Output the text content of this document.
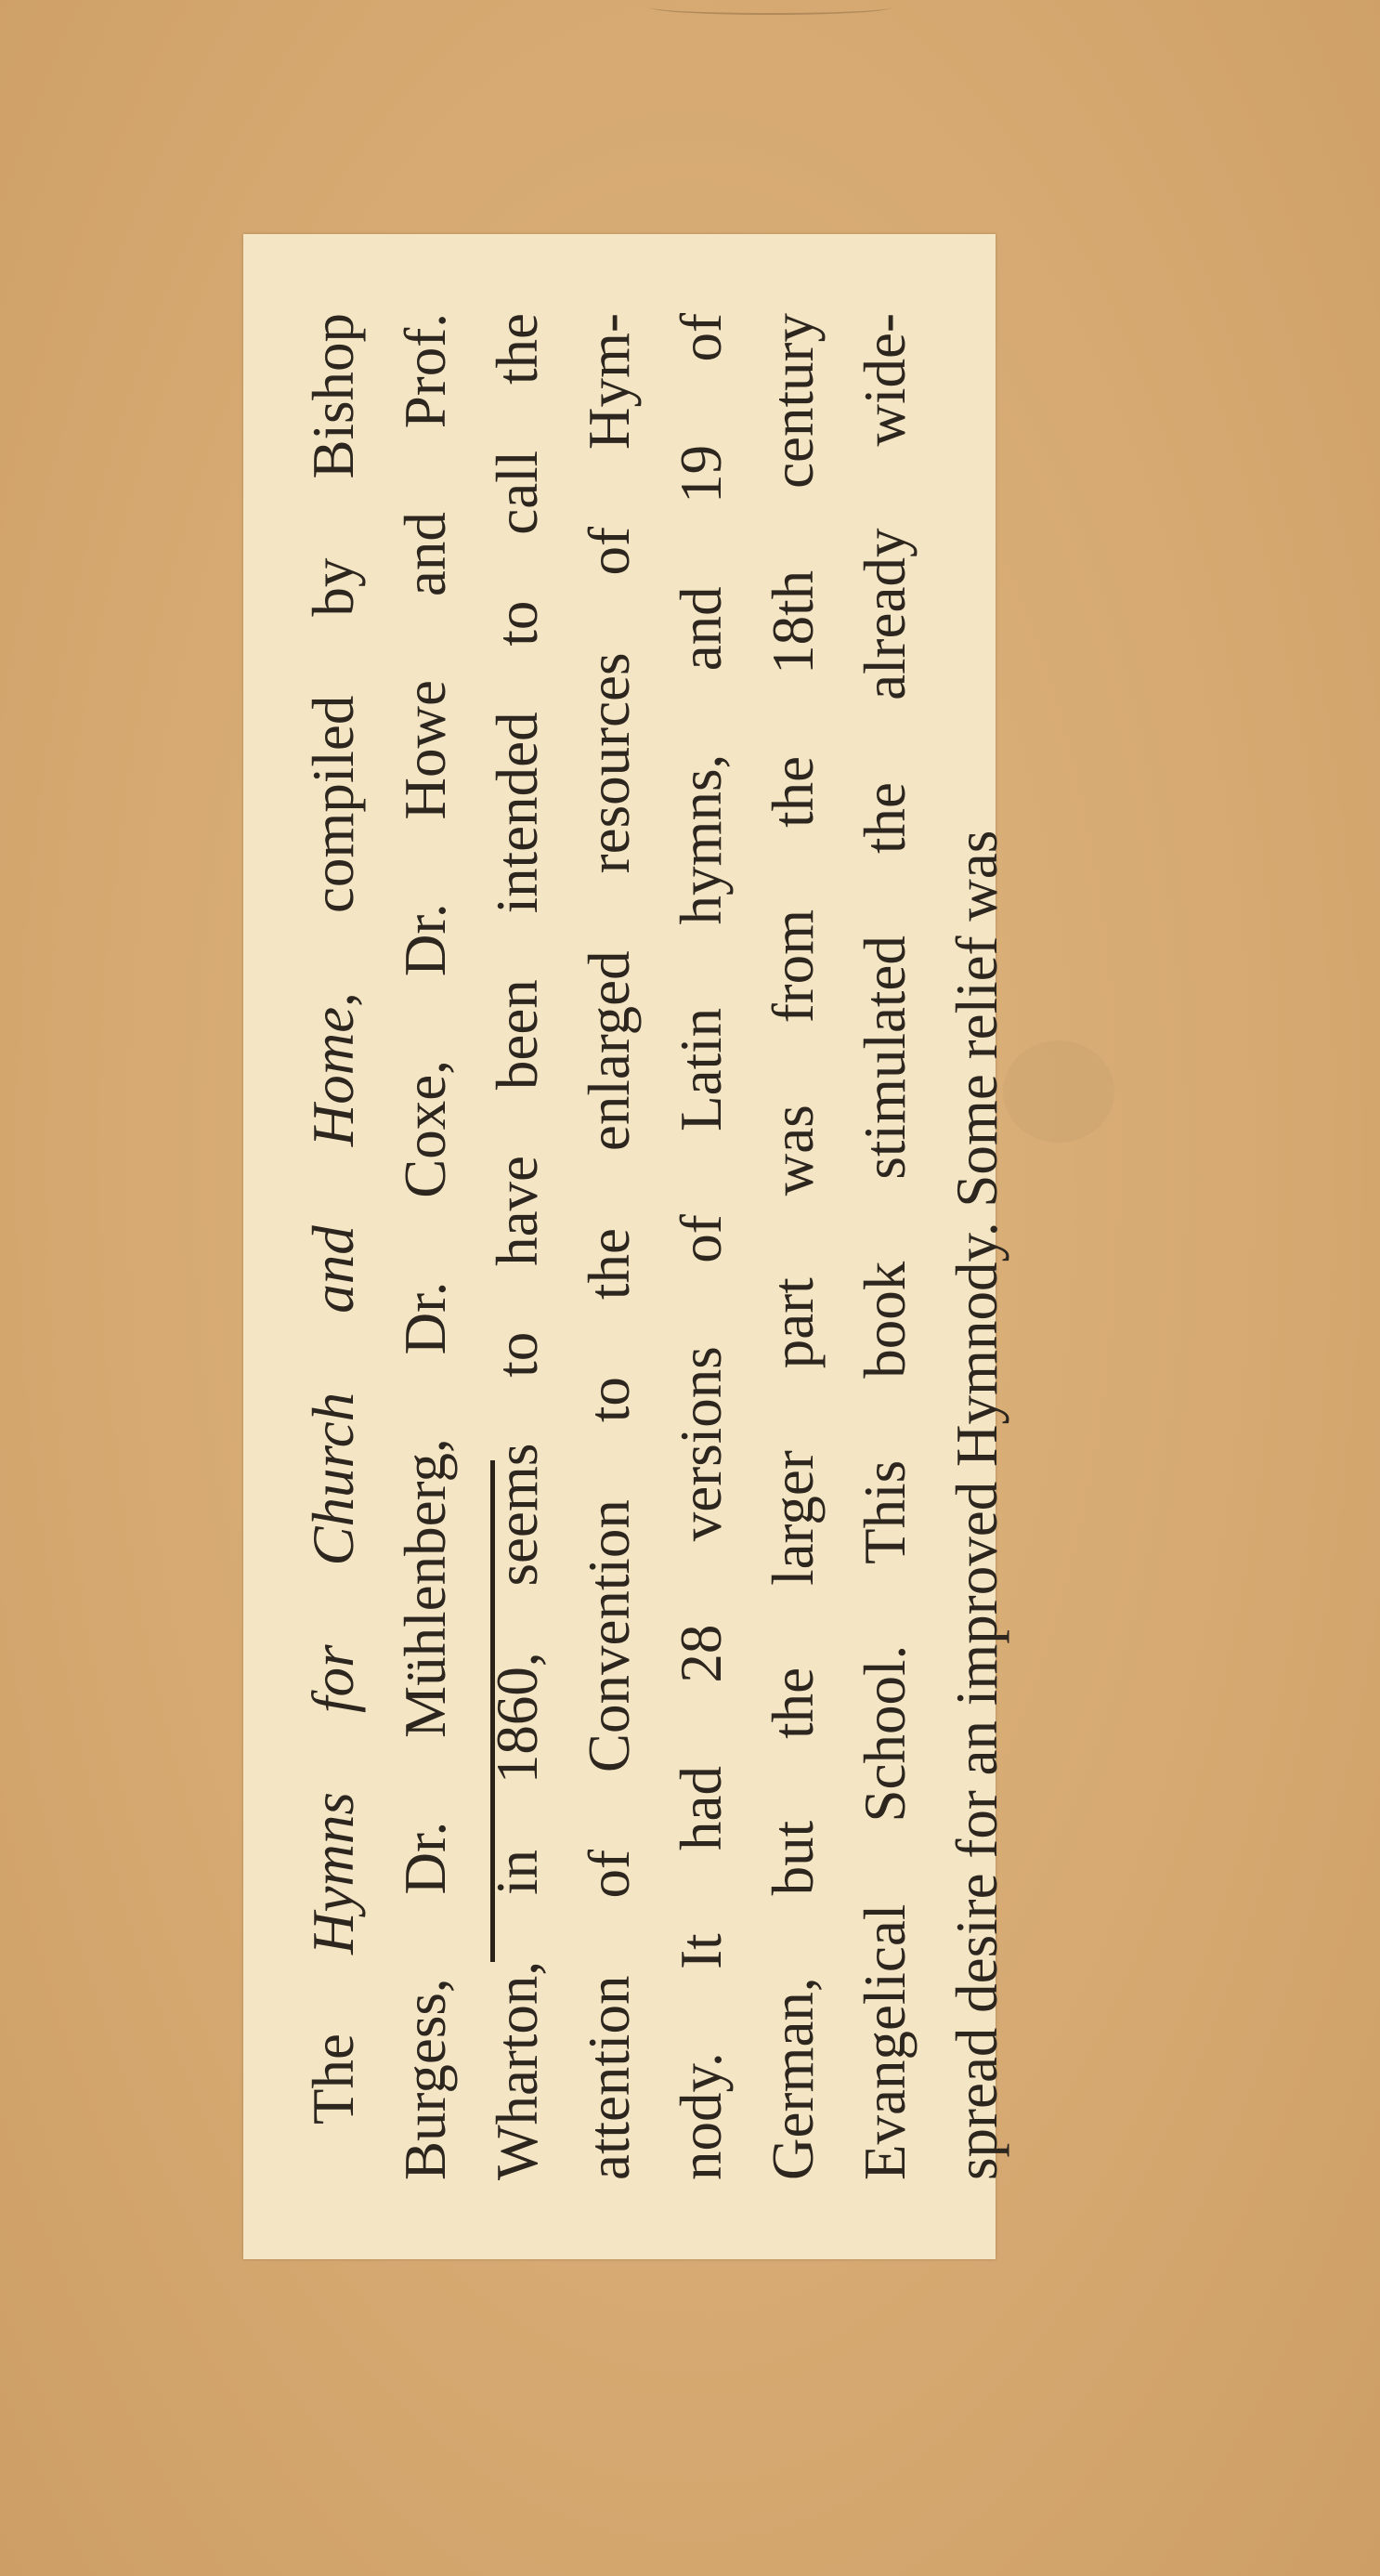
The Hymns for Church and Home, compiled by Bishop Burgess, Dr. Mühlenberg, Dr. Coxe, Dr. Howe and Prof. Wharton, in 1860, seems to have been intended to call the attention of Convention to the enlarged resources of Hym- nody. It had 28 versions of Latin hymns, and 19 of German, but the larger part was from the 18th century Evangelical School. This book stimulated the already wide- spread desire for an improved Hymnody. Some relief was
